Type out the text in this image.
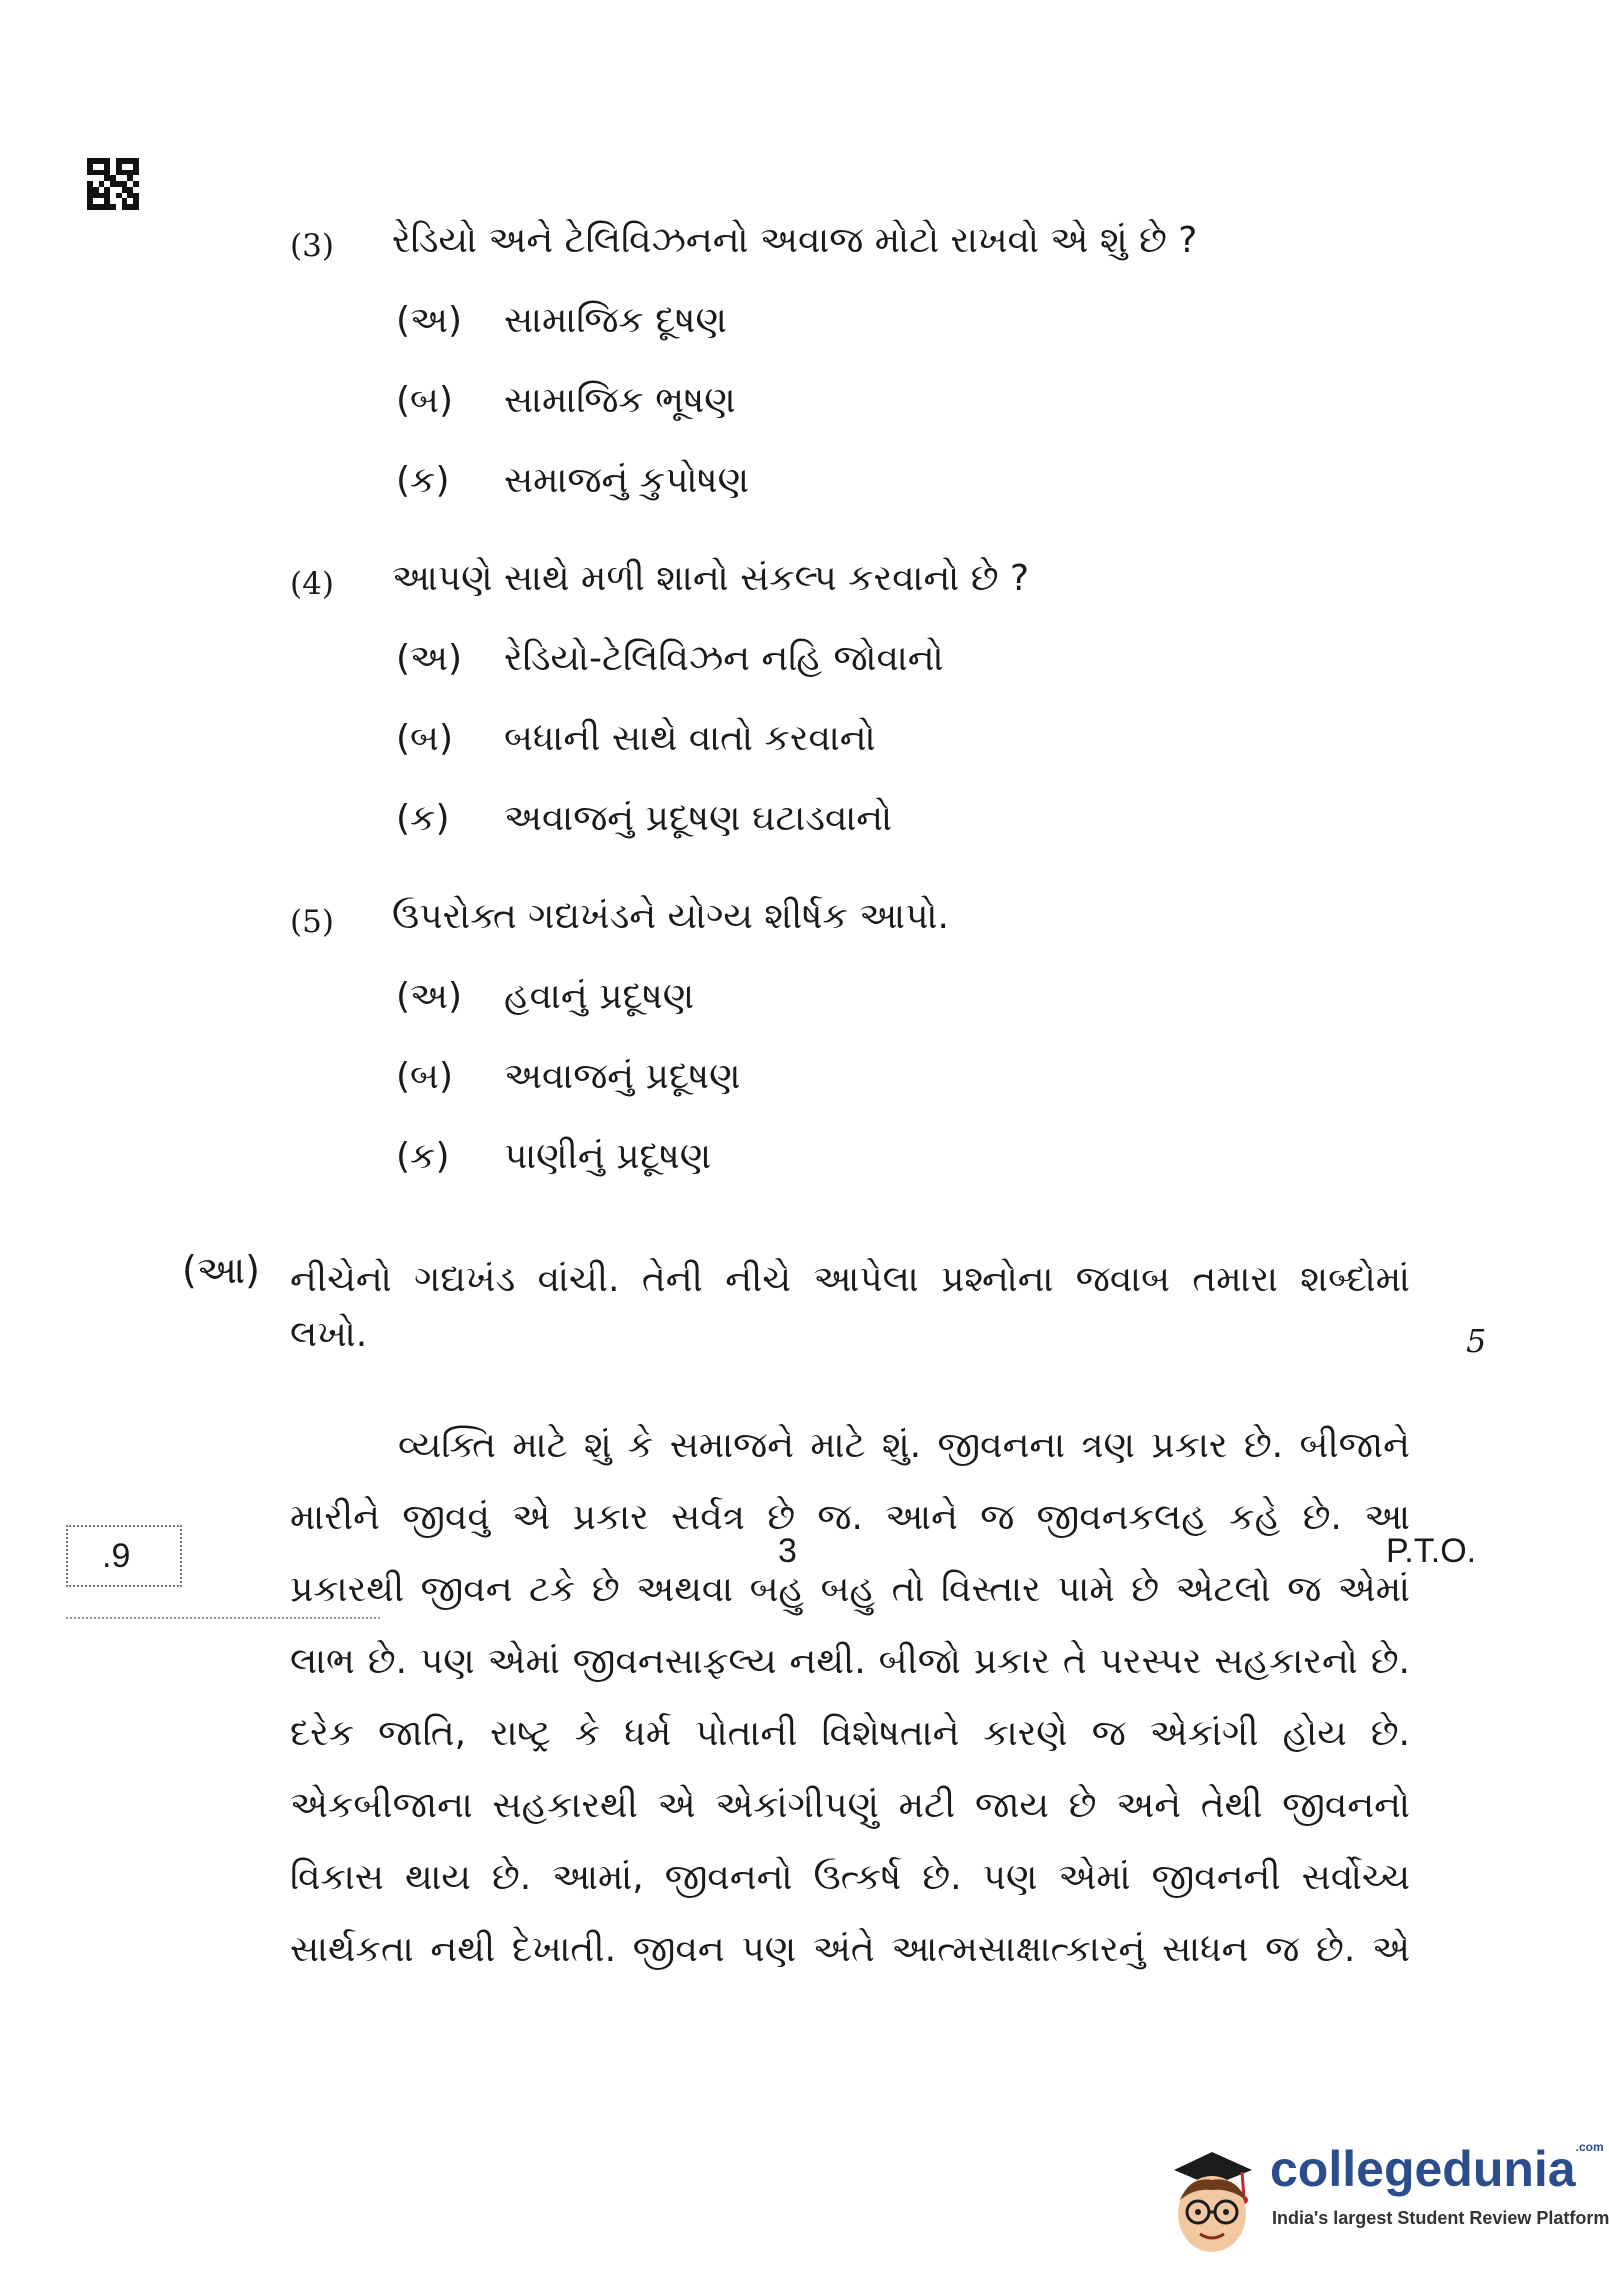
(3) રેડિયો અને ટેલિવિઝનનો અવાજ મોટો રાખવો એ શું છે ?
(અ) સામાજિક દૂષણ
(બ) સામાજિક ભૂષણ
(ક) સમાજનું કુપોષણ
(4) આપણે સાથે મળી શાનો સંકલ્પ કરવાનો છે ?
(અ) રેડિયો-ટેલિવિઝન નહિ જોવાનો
(બ) બધાની સાથે વાતો કરવાનો
(ક) અવાજનું પ્રદૂષણ ઘટાડવાનો
(5) ઉપરોક્ત ગદ્યખંડને યોગ્ય શીર્ષક આપો.
(અ) હવાનું પ્રદૂષણ
(બ) અવાજનું પ્રદૂષણ
(ક) પાણીનું પ્રદૂષણ
(આ) નીચેનો ગદ્યખંડ વાંચી. તેની નીચે આપેલા પ્રશ્નોના જવાબ તમારા શબ્દોમાં
લખો.	5
વ્યક્તિ માટે શું કે સમાજને માટે શું. જીવનના ત્રણ પ્રકાર છે. બીજાને
મારીને જીવવું એ પ્રકાર સર્વત્ર છે જ. આને જ જીવનકલહ કહે છે. આ
પ્રકારથી જીવન ટકે છે અથવા બહુ બહુ તો વિસ્તાર પામે છે એટલો જ એમાં
લાભ છે. પણ એમાં જીવનસાફલ્ય નથી. બીજો પ્રકાર તે પરસ્પર સહકારનો છે.
દરેક જાતિ, રાષ્ટ્ર કે ધર્મ પોતાની વિશેષતાને કારણે જ એકાંગી હોય છે.
એકબીજાના સહકારથી એ એકાંગીપણું મટી જાય છે અને તેથી જીવનનો
વિકાસ થાય છે. આમાં, જીવનનો ઉત્કર્ષ છે. પણ એમાં જીવનની સર્વોચ્ચ
સાર્થકતા નથી દેખાતી. જીવન પણ અંતે આત્મસાક્ષાત્કારનું સાધન જ છે. એ
.9	3	P.T.O.
collegedunia$^{.com}$
India's largest Student Review Platform
